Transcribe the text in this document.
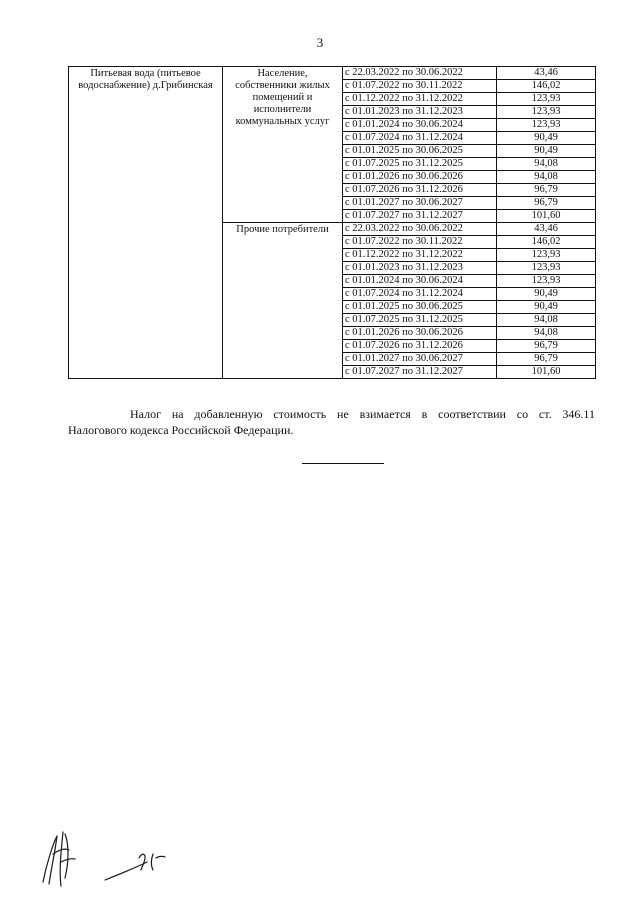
3
Питьевая вода (питьевое водоснабжение) д.Грибинская	Население, собственники жилых помещений и исполнители коммунальных услуг	с 22.03.2022 по 30.06.2022	43,46
		с 01.07.2022 по 30.11.2022	146,02
		с 01.12.2022 по 31.12.2022	123,93
		с 01.01.2023 по 31.12.2023	123,93
		с 01.01.2024 по 30.06.2024	123,93
		с 01.07.2024 по 31.12.2024	90,49
		с 01.01.2025 по 30.06.2025	90,49
		с 01.07.2025 по 31.12.2025	94,08
		с 01.01.2026 по 30.06.2026	94,08
		с 01.07.2026 по 31.12.2026	96,79
		с 01.01.2027 по 30.06.2027	96,79
		с 01.07.2027 по 31.12.2027	101,60
	Прочие потребители	с 22.03.2022 по 30.06.2022	43,46
		с 01.07.2022 по 30.11.2022	146,02
		с 01.12.2022 по 31.12.2022	123,93
		с 01.01.2023 по 31.12.2023	123,93
		с 01.01.2024 по 30.06.2024	123,93
		с 01.07.2024 по 31.12.2024	90,49
		с 01.01.2025 по 30.06.2025	90,49
		с 01.07.2025 по 31.12.2025	94,08
		с 01.01.2026 по 30.06.2026	94,08
		с 01.07.2026 по 31.12.2026	96,79
		с 01.01.2027 по 30.06.2027	96,79
		с 01.07.2027 по 31.12.2027	101,60
Налог на добавленную стоимость не взимается в соответствии со ст. 346.11
Налогового кодекса Российской Федерации.
